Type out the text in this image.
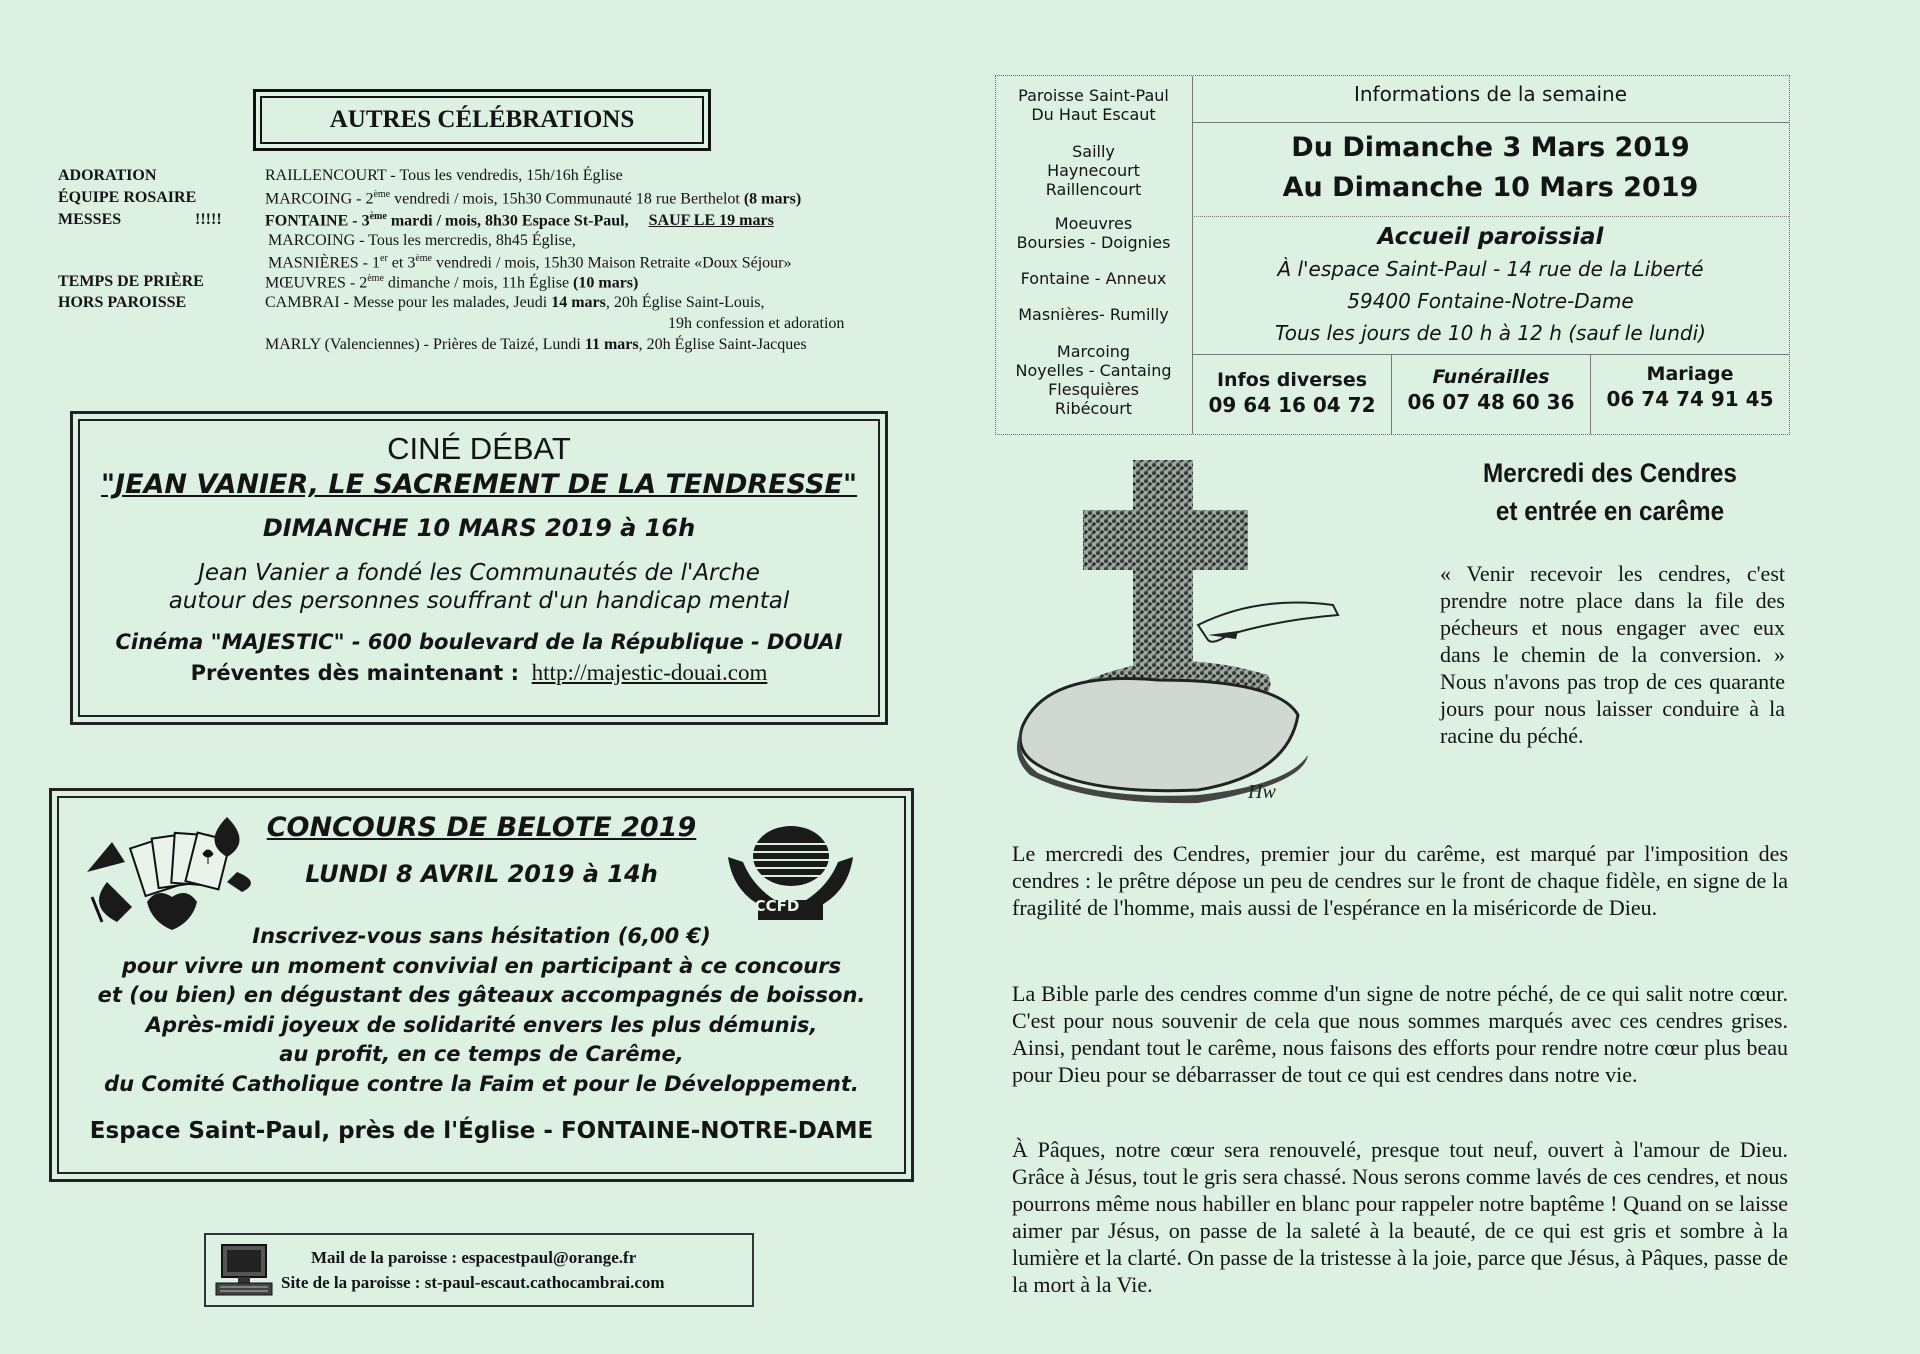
AUTRES CÉLÉBRATIONS
ADORATION
ÉQUIPE ROSAIRE
MESSES	!!!!!
TEMPS DE PRIÈRE
HORS PAROISSE
RAILLENCOURT - Tous les vendredis, 15h/16h Église
MARCOING - 2ème vendredi / mois, 15h30 Communauté 18 rue Berthelot (8 mars)
FONTAINE - 3ème mardi / mois, 8h30 Espace St-Paul, SAUF LE 19 mars
MARCOING - Tous les mercredis, 8h45 Église,
MASNIÈRES - 1er et 3ème vendredi / mois, 15h30 Maison Retraite «Doux Séjour»
MŒUVRES - 2ème dimanche / mois, 11h Église (10 mars)
CAMBRAI - Messe pour les malades, Jeudi 14 mars, 20h Église Saint-Louis,
19h confession et adoration
MARLY (Valenciennes) - Prières de Taizé, Lundi 11 mars, 20h Église Saint-Jacques
CINÉ DÉBAT
"JEAN VANIER, LE SACREMENT DE LA TENDRESSE"
DIMANCHE 10 MARS 2019 à 16h
Jean Vanier a fondé les Communautés de l'Arche
autour des personnes souffrant d'un handicap mental
Cinéma "MAJESTIC" - 600 boulevard de la République - DOUAI
Préventes dès maintenant : http://majestic-douai.com
CONCOURS DE BELOTE 2019
LUNDI 8 AVRIL 2019 à 14h
CCFD
Inscrivez-vous sans hésitation (6,00 €)
pour vivre un moment convivial en participant à ce concours
et (ou bien) en dégustant des gâteaux accompagnés de boisson.
Après-midi joyeux de solidarité envers les plus démunis,
au profit, en ce temps de Carême,
du Comité Catholique contre la Faim et pour le Développement.
Espace Saint-Paul, près de l'Église - FONTAINE-NOTRE-DAME
Mail de la paroisse : espacestpaul@orange.fr
Site de la paroisse : st-paul-escaut.cathocambrai.com
Paroisse Saint-Paul
Du Haut Escaut
Sailly
Haynecourt
Raillencourt
Moeuvres
Boursies - Doignies
Fontaine - Anneux
Masnières- Rumilly
Marcoing
Noyelles - Cantaing
Flesquières
Ribécourt
Informations de la semaine
Du Dimanche 3 Mars 2019
Au Dimanche 10 Mars 2019
Accueil paroissial
À l'espace Saint-Paul - 14 rue de la Liberté
59400 Fontaine-Notre-Dame
Tous les jours de 10 h à 12 h (sauf le lundi)
Infos diverses
09 64 16 04 72
Funérailles
06 07 48 60 36
Mariage
06 74 74 91 45
Hw
Mercredi des Cendres
et entrée en carême
« Venir recevoir les cendres, c'est prendre notre place dans la file des pécheurs et nous engager avec eux dans le chemin de la conversion. » Nous n'avons pas trop de ces quarante jours pour nous laisser conduire à la racine du péché.
Le mercredi des Cendres, premier jour du carême, est marqué par l'imposition des cendres : le prêtre dépose un peu de cendres sur le front de chaque fidèle, en signe de la fragilité de l'homme, mais aussi de l'espérance en la miséricorde de Dieu.
La Bible parle des cendres comme d'un signe de notre péché, de ce qui salit notre cœur. C'est pour nous souvenir de cela que nous sommes marqués avec ces cendres grises. Ainsi, pendant tout le carême, nous faisons des efforts pour rendre notre cœur plus beau pour Dieu pour se débarrasser de tout ce qui est cendres dans notre vie.
À Pâques, notre cœur sera renouvelé, presque tout neuf, ouvert à l'amour de Dieu. Grâce à Jésus, tout le gris sera chassé. Nous serons comme lavés de ces cendres, et nous pourrons même nous habiller en blanc pour rappeler notre baptême ! Quand on se laisse aimer par Jésus, on passe de la saleté à la beauté, de ce qui est gris et sombre à la lumière et la clarté. On passe de la tristesse à la joie, parce que Jésus, à Pâques, passe de la mort à la Vie.
